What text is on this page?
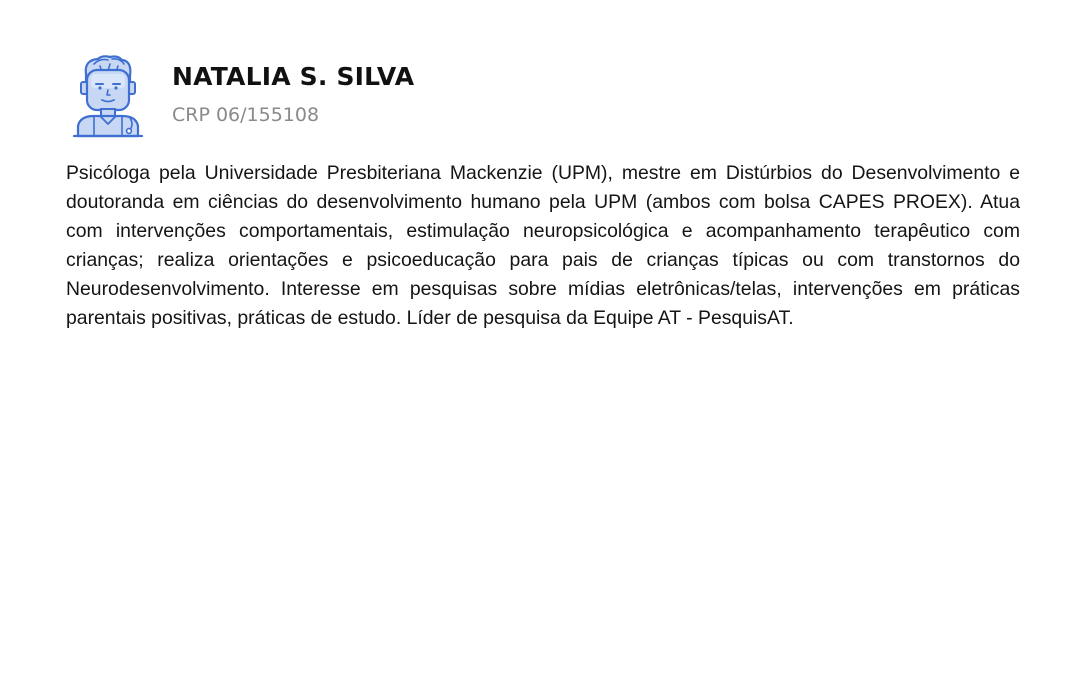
NATALIA S. SILVA

CRP 06/155108

Psicóloga pela Universidade Presbiteriana Mackenzie (UPM), mestre em Distúrbios do Desenvolvimento e doutoranda em ciências do desenvolvimento humano pela UPM (ambos com bolsa CAPES PROEX). Atua com intervenções comportamentais, estimulação neuropsicológica e acompanhamento terapêutico com crianças; realiza orientações e psicoeducação para pais de crianças típicas ou com transtornos do Neurodesenvolvimento. Interesse em pesquisas sobre mídias eletrônicas/telas, intervenções em práticas parentais positivas, práticas de estudo. Líder de pesquisa da Equipe AT - PesquisAT.
